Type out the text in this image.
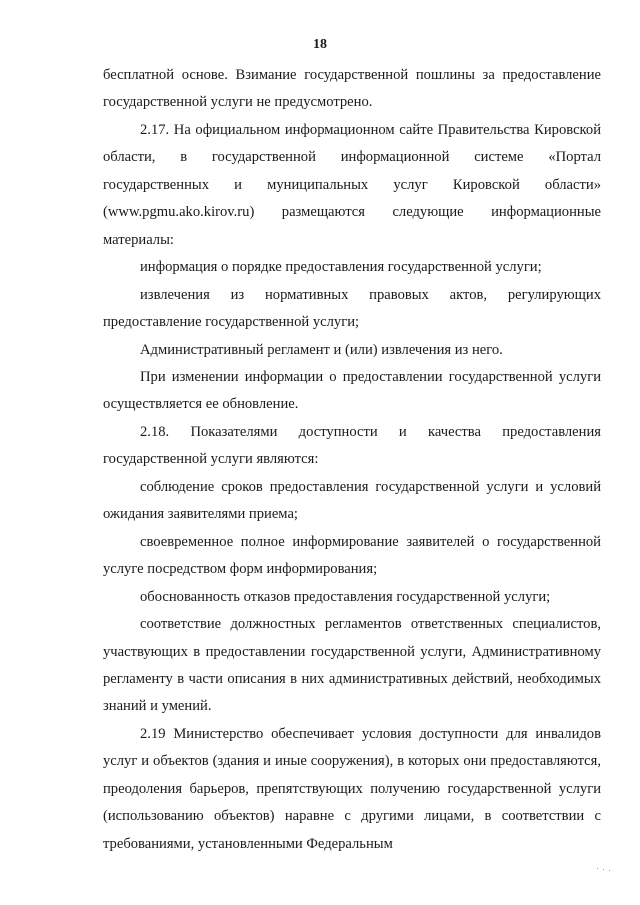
18

бесплатной основе. Взимание государственной пошлины за предоставление государственной услуги не предусмотрено.

2.17. На официальном информационном сайте Правительства Кировской области, в государственной информационной системе «Портал государственных и муниципальных услуг Кировской области» (www.pgmu.ako.kirov.ru) размещаются следующие информационные материалы:

информация о порядке предоставления государственной услуги;

извлечения из нормативных правовых актов, регулирующих предоставление государственной услуги;

Административный регламент и (или) извлечения из него.

При изменении информации о предоставлении государственной услуги осуществляется ее обновление.

2.18. Показателями доступности и качества предоставления государственной услуги являются:

соблюдение сроков предоставления государственной услуги и условий ожидания заявителями приема;

своевременное полное информирование заявителей о государственной услуге посредством форм информирования;

обоснованность отказов предоставления государственной услуги;

соответствие должностных регламентов ответственных специалистов, участвующих в предоставлении государственной услуги, Административному регламенту в части описания в них административных действий, необходимых знаний и умений.

2.19 Министерство обеспечивает условия доступности для инвалидов услуг и объектов (здания и иные сооружения), в которых они предоставляются, преодоления барьеров, препятствующих получению государственной услуги (использованию объектов) наравне с другими лицами, в соответствии с требованиями, установленными Федеральным
